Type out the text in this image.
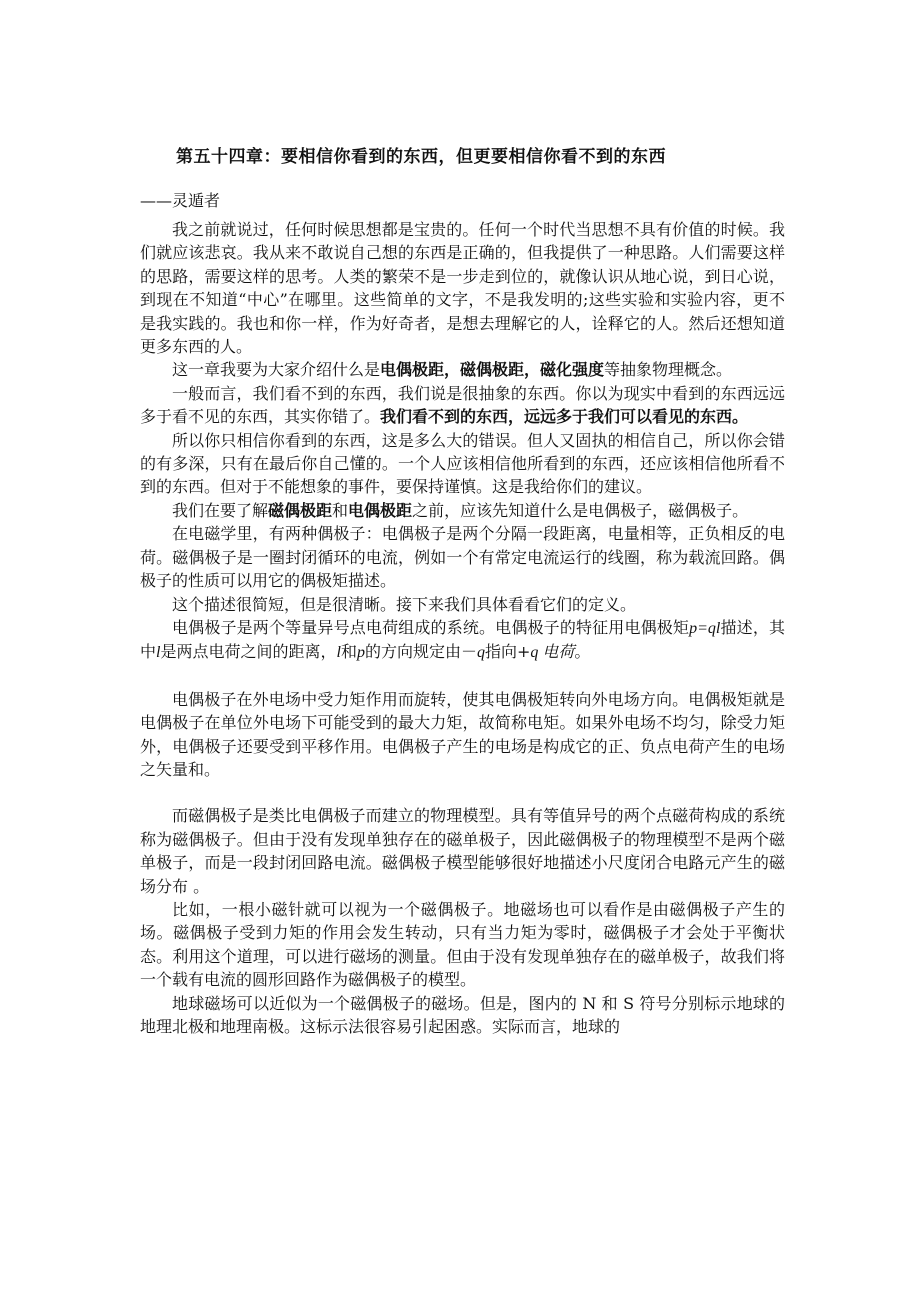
第五十四章：要相信你看到的东西，但更要相信你看不到的东西
——灵遁者

我之前就说过，任何时候思想都是宝贵的。任何一个时代当思想不具有价值的时候。我们就应该悲哀。我从来不敢说自己想的东西是正确的，但我提供了一种思路。人们需要这样的思路，需要这样的思考。人类的繁荣不是一步走到位的，就像认识从地心说，到日心说，到现在不知道“中心”在哪里。这些简单的文字，不是我发明的;这些实验和实验内容，更不是我实践的。我也和你一样，作为好奇者，是想去理解它的人，诠释它的人。然后还想知道更多东西的人。

这一章我要为大家介绍什么是电偶极距，磁偶极距，磁化强度等抽象物理概念。

一般而言，我们看不到的东西，我们说是很抽象的东西。你以为现实中看到的东西远远多于看不见的东西，其实你错了。我们看不到的东西，远远多于我们可以看见的东西。

所以你只相信你看到的东西，这是多么大的错误。但人又固执的相信自己，所以你会错的有多深，只有在最后你自己懂的。一个人应该相信他所看到的东西，还应该相信他所看不到的东西。但对于不能想象的事件，要保持谨慎。这是我给你们的建议。

我们在要了解磁偶极距和电偶极距之前，应该先知道什么是电偶极子，磁偶极子。

在电磁学里，有两种偶极子：电偶极子是两个分隔一段距离，电量相等，正负相反的电荷。磁偶极子是一圈封闭循环的电流，例如一个有常定电流运行的线圈，称为载流回路。偶极子的性质可以用它的偶极矩描述。

这个描述很简短，但是很清晰。接下来我们具体看看它们的定义。

电偶极子是两个等量异号点电荷组成的系统。电偶极子的特征用电偶极矩p=ql描述，其中l是两点电荷之间的距离，l和p的方向规定由－q指向+q 电荷。

电偶极子在外电场中受力矩作用而旋转，使其电偶极矩转向外电场方向。电偶极矩就是电偶极子在单位外电场下可能受到的最大力矩，故简称电矩。如果外电场不均匀，除受力矩外，电偶极子还要受到平移作用。电偶极子产生的电场是构成它的正、负点电荷产生的电场之矢量和。

而磁偶极子是类比电偶极子而建立的物理模型。具有等值异号的两个点磁荷构成的系统称为磁偶极子。但由于没有发现单独存在的磁单极子，因此磁偶极子的物理模型不是两个磁单极子，而是一段封闭回路电流。磁偶极子模型能够很好地描述小尺度闭合电路元产生的磁场分布 。

比如，一根小磁针就可以视为一个磁偶极子。地磁场也可以看作是由磁偶极子产生的场。磁偶极子受到力矩的作用会发生转动，只有当力矩为零时，磁偶极子才会处于平衡状态。利用这个道理，可以进行磁场的测量。但由于没有发现单独存在的磁单极子，故我们将一个载有电流的圆形回路作为磁偶极子的模型。

地球磁场可以近似为一个磁偶极子的磁场。但是，图内的 N 和 S 符号分别标示地球的地理北极和地理南极。这标示法很容易引起困惑。实际而言，地球的
